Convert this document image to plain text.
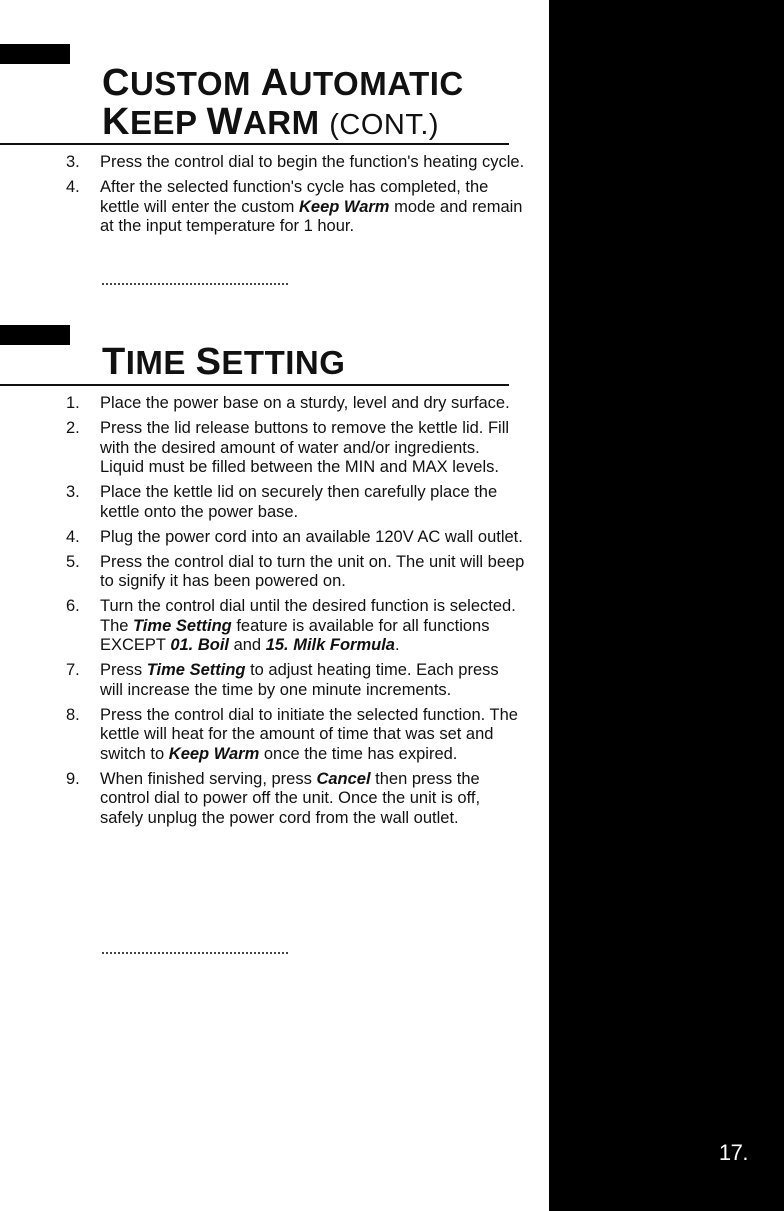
17.
CUSTOM AUTOMATIC
KEEP WARM (CONT.)
3. Press the control dial to begin the function's heating cycle.
4. After the selected function's cycle has completed, the kettle will enter the custom Keep Warm mode and remain at the input temperature for 1 hour.
TIME SETTING
1. Place the power base on a sturdy, level and dry surface.
2. Press the lid release buttons to remove the kettle lid. Fill with the desired amount of water and/or ingredients. Liquid must be filled between the MIN and MAX levels.
3. Place the kettle lid on securely then carefully place the kettle onto the power base.
4. Plug the power cord into an available 120V AC wall outlet.
5. Press the control dial to turn the unit on. The unit will beep to signify it has been powered on.
6. Turn the control dial until the desired function is selected. The Time Setting feature is available for all functions EXCEPT 01. Boil and 15. Milk Formula.
7. Press Time Setting to adjust heating time. Each press will increase the time by one minute increments.
8. Press the control dial to initiate the selected function. The kettle will heat for the amount of time that was set and switch to Keep Warm once the time has expired.
9. When finished serving, press Cancel then press the control dial to power off the unit. Once the unit is off, safely unplug the power cord from the wall outlet.
